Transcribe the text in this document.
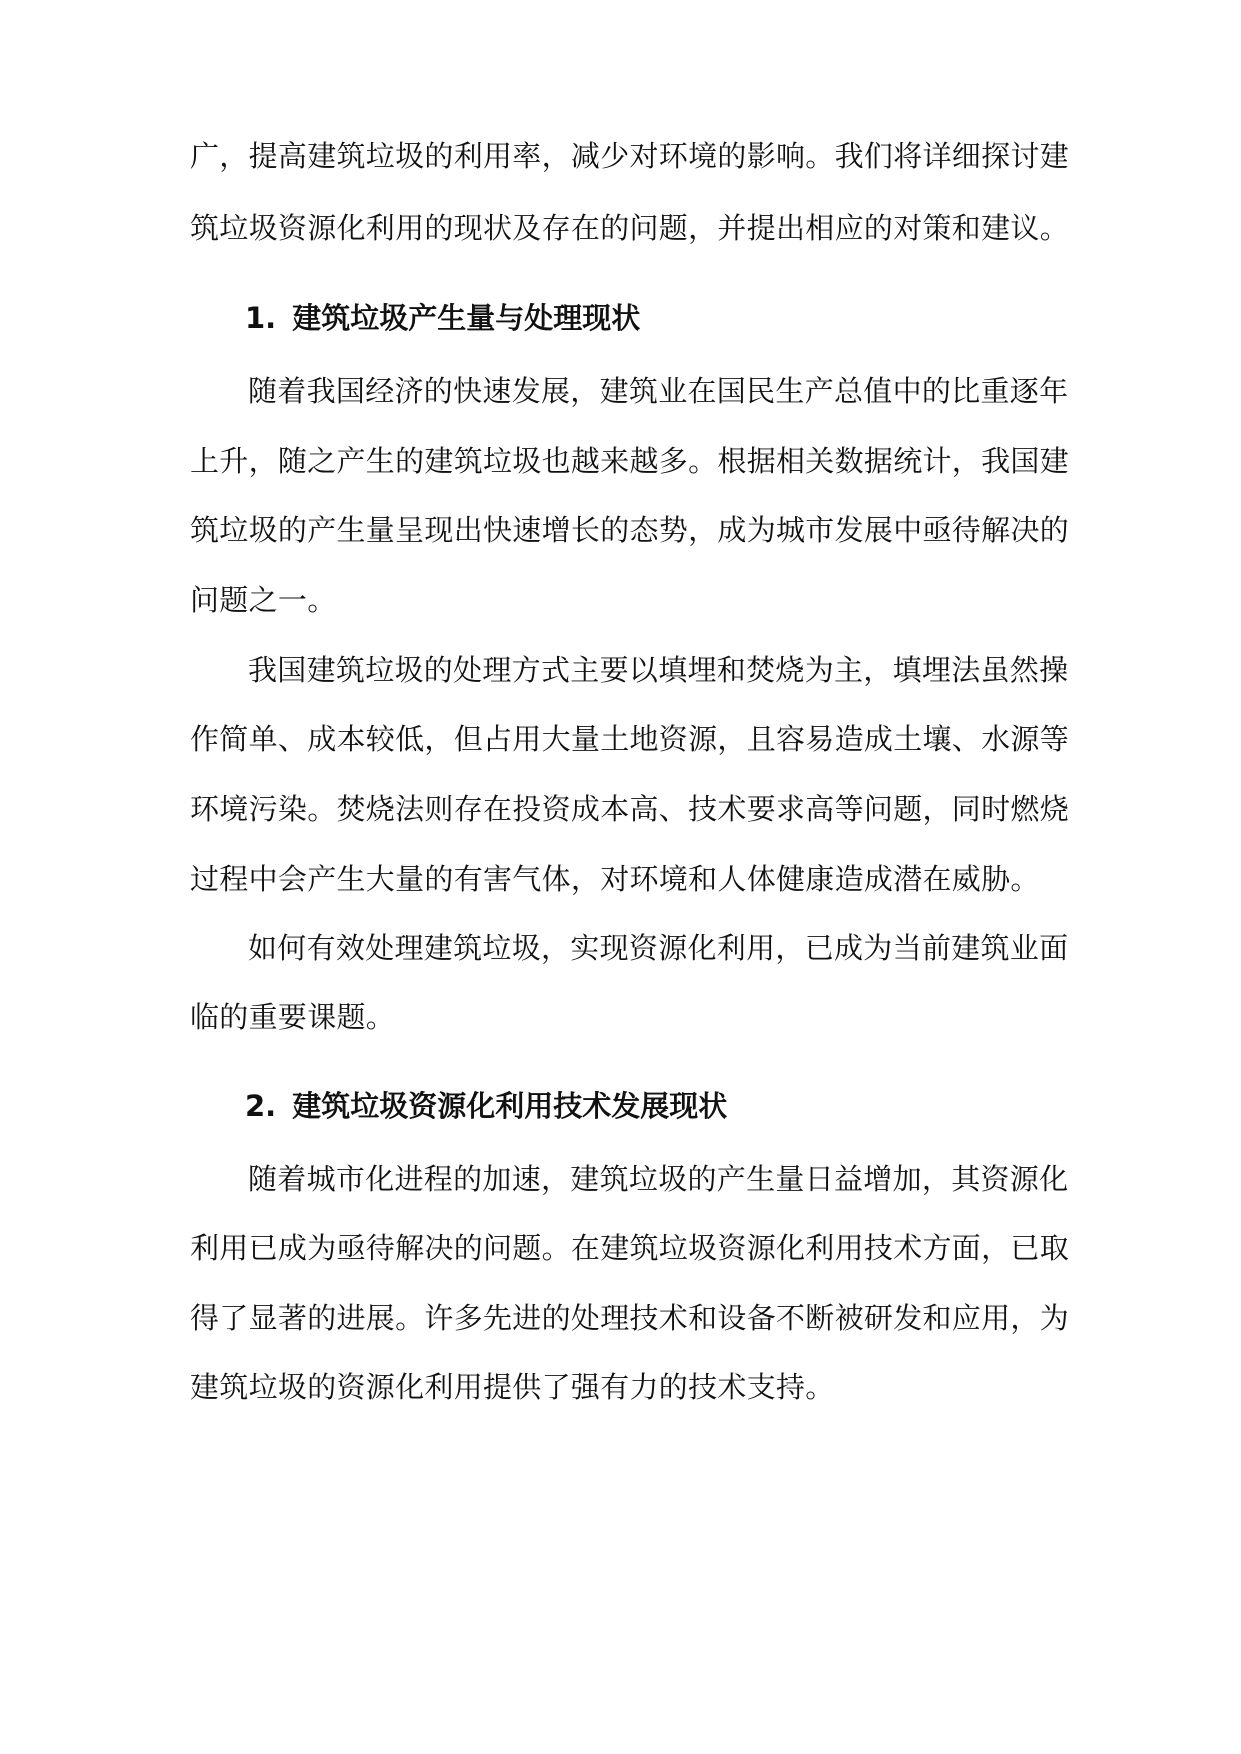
广，提高建筑垃圾的利用率，减少对环境的影响。我们将详细探讨建
筑垃圾资源化利用的现状及存在的问题，并提出相应的对策和建议。
1. 建筑垃圾产生量与处理现状
随着我国经济的快速发展，建筑业在国民生产总值中的比重逐年
上升，随之产生的建筑垃圾也越来越多。根据相关数据统计，我国建
筑垃圾的产生量呈现出快速增长的态势，成为城市发展中亟待解决的
问题之一。
我国建筑垃圾的处理方式主要以填埋和焚烧为主，填埋法虽然操
作简单、成本较低，但占用大量土地资源，且容易造成土壤、水源等
环境污染。焚烧法则存在投资成本高、技术要求高等问题，同时燃烧
过程中会产生大量的有害气体，对环境和人体健康造成潜在威胁。
如何有效处理建筑垃圾，实现资源化利用，已成为当前建筑业面
临的重要课题。
2. 建筑垃圾资源化利用技术发展现状
随着城市化进程的加速，建筑垃圾的产生量日益增加，其资源化
利用已成为亟待解决的问题。在建筑垃圾资源化利用技术方面，已取
得了显著的进展。许多先进的处理技术和设备不断被研发和应用，为
建筑垃圾的资源化利用提供了强有力的技术支持。
